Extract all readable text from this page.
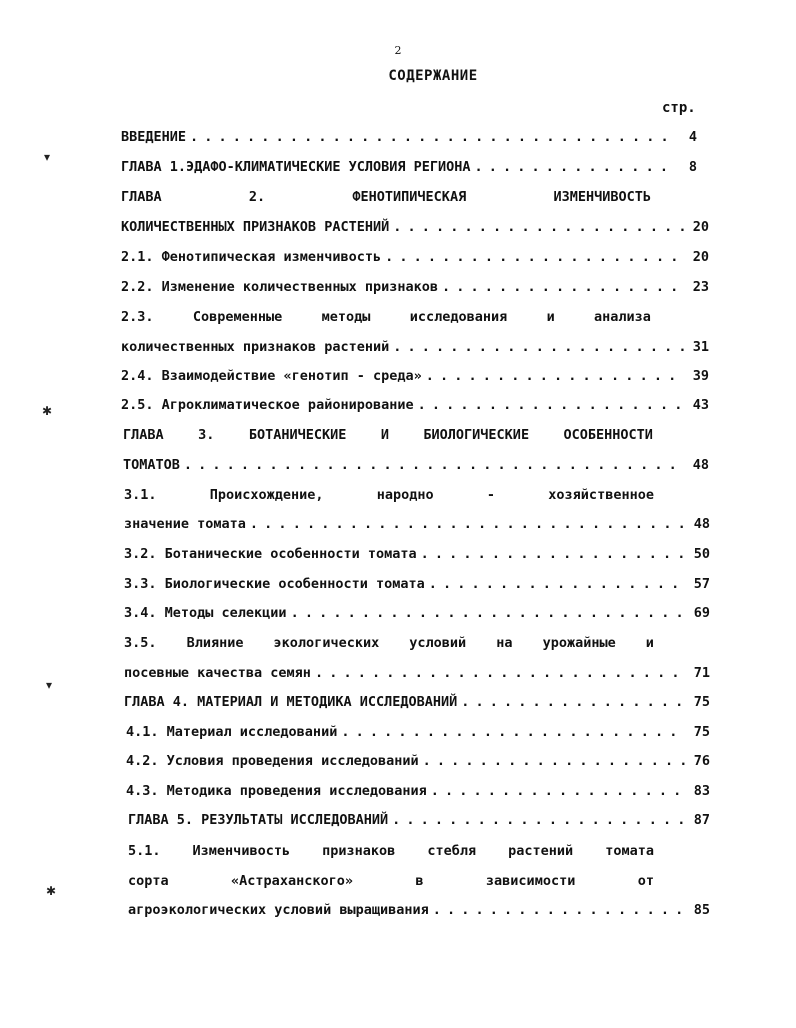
2
СОДЕРЖАНИЕ
стр.
▾
✱
▾
✱
ВВЕДЕНИЕ . . .	4
ГЛАВА 1.ЭДАФО-КЛИМАТИЧЕСКИЕ УСЛОВИЯ РЕГИОНА . . .	8
ГЛАВА	2.	ФЕНОТИПИЧЕСКАЯ	ИЗМЕНЧИВОСТЬ
КОЛИЧЕСТВЕННЫХ ПРИЗНАКОВ РАСТЕНИЙ . . .	20
2.1. Фенотипическая изменчивость . . .	20
2.2. Изменение количественных признаков . . .	23
2.3.	Современные	методы	исследования	и	анализа
количественных признаков растений . . .	31
2.4. Взаимодействие «генотип - среда» . . .	39
2.5. Агроклиматическое районирование . . .	43
ГЛАВА	3.	БОТАНИЧЕСКИЕ	И	БИОЛОГИЧЕСКИЕ	ОСОБЕННОСТИ
ТОМАТОВ . . .	48
3.1.	Происхождение,	народно	-	хозяйственное
значение томата . . .	48
3.2. Ботанические особенности томата . . .	50
3.3. Биологические особенности томата . . .	57
3.4. Методы селекции . . .	69
3.5. Влияние экологических условий на урожайные и
посевные качества семян . . .	71
ГЛАВА 4. МАТЕРИАЛ И МЕТОДИКА ИССЛЕДОВАНИЙ . . .	75
4.1. Материал исследований . . .	75
4.2. Условия проведения исследований . . .	76
4.3. Методика проведения исследования . . .	83
ГЛАВА 5. РЕЗУЛЬТАТЫ ИССЛЕДОВАНИЙ . . .	87
5.1. Изменчивость признаков стебля растений томата
сорта	«Астраханского»	в	зависимости	от
агроэкологических условий выращивания . . .	85
